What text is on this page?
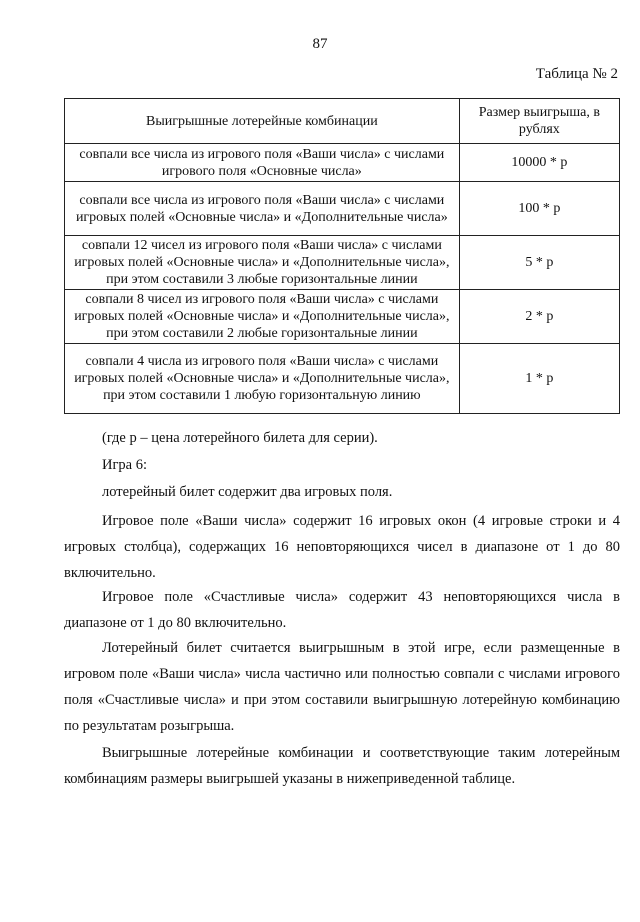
87
Таблица № 2
Выигрышные лотерейные комбинации	Размер выигрыша, в рублях
совпали все числа из игрового поля «Ваши числа» с числами игрового поля «Основные числа»	10000 * р
совпали все числа из игрового поля «Ваши числа» с числами игровых полей «Основные числа» и «Дополнительные числа»	100 * р
совпали 12 чисел из игрового поля «Ваши числа» с числами игровых полей «Основные числа» и «Дополнительные числа», при этом составили 3 любые горизонтальные линии	5 * р
совпали 8 чисел из игрового поля «Ваши числа» с числами игровых полей «Основные числа» и «Дополнительные числа», при этом составили 2 любые горизонтальные линии	2 * р
совпали 4 числа из игрового поля «Ваши числа» с числами игровых полей «Основные числа» и «Дополнительные числа», при этом составили 1 любую горизонтальную линию	1 * р
(где р – цена лотерейного билета для серии).
Игра 6:
лотерейный билет содержит два игровых поля.
Игровое поле «Ваши числа» содержит 16 игровых окон (4 игровые строки и 4 игровых столбца), содержащих 16 неповторяющихся чисел в диапазоне от 1 до 80 включительно.
Игровое поле «Счастливые числа» содержит 43 неповторяющихся числа в диапазоне от 1 до 80 включительно.
Лотерейный билет считается выигрышным в этой игре, если размещенные в игровом поле «Ваши числа» числа частично или полностью совпали с числами игрового поля «Счастливые числа» и при этом составили выигрышную лотерейную комбинацию по результатам розыгрыша.
Выигрышные лотерейные комбинации и соответствующие таким лотерейным комбинациям размеры выигрышей указаны в нижеприведенной таблице.
